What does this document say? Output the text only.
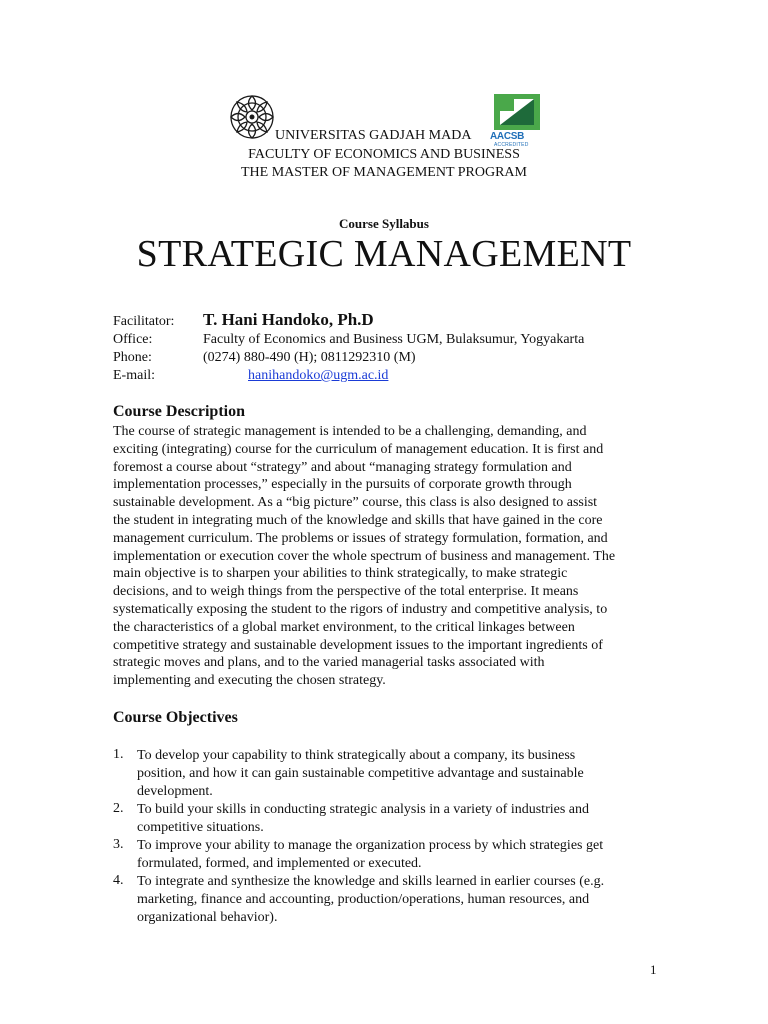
AACSB
ACCREDITED
UNIVERSITAS GADJAH MADA
FACULTY OF ECONOMICS AND BUSINESS
THE MASTER OF MANAGEMENT PROGRAM
Course Syllabus
STRATEGIC MANAGEMENT
Facilitator: T. Hani Handoko, Ph.D
Office:	Faculty of Economics and Business UGM, Bulaksumur, Yogyakarta
Phone:	(0274) 880-490 (H); 0811292310 (M)
E-mail:	hanihandoko@ugm.ac.id
Course Description
The course of strategic management is intended to be a challenging, demanding, and
exciting (integrating) course for the curriculum of management education. It is first and
foremost a course about “strategy” and about “managing strategy formulation and
implementation processes,” especially in the pursuits of corporate growth through
sustainable development. As a “big picture” course, this class is also designed to assist
the student in integrating much of the knowledge and skills that have gained in the core
management curriculum. The problems or issues of strategy formulation, formation, and
implementation or execution cover the whole spectrum of business and management. The
main objective is to sharpen your abilities to think strategically, to make strategic
decisions, and to weigh things from the perspective of the total enterprise. It means
systematically exposing the student to the rigors of industry and competitive analysis, to
the characteristics of a global market environment, to the critical linkages between
competitive strategy and sustainable development issues to the important ingredients of
strategic moves and plans, and to the varied managerial tasks associated with
implementing and executing the chosen strategy.
Course Objectives
1. To develop your capability to think strategically about a company, its business
position, and how it can gain sustainable competitive advantage and sustainable
development.
2. To build your skills in conducting strategic analysis in a variety of industries and
competitive situations.
3. To improve your ability to manage the organization process by which strategies get
formulated, formed, and implemented or executed.
4. To integrate and synthesize the knowledge and skills learned in earlier courses (e.g.
marketing, finance and accounting, production/operations, human resources, and
organizational behavior).
1
